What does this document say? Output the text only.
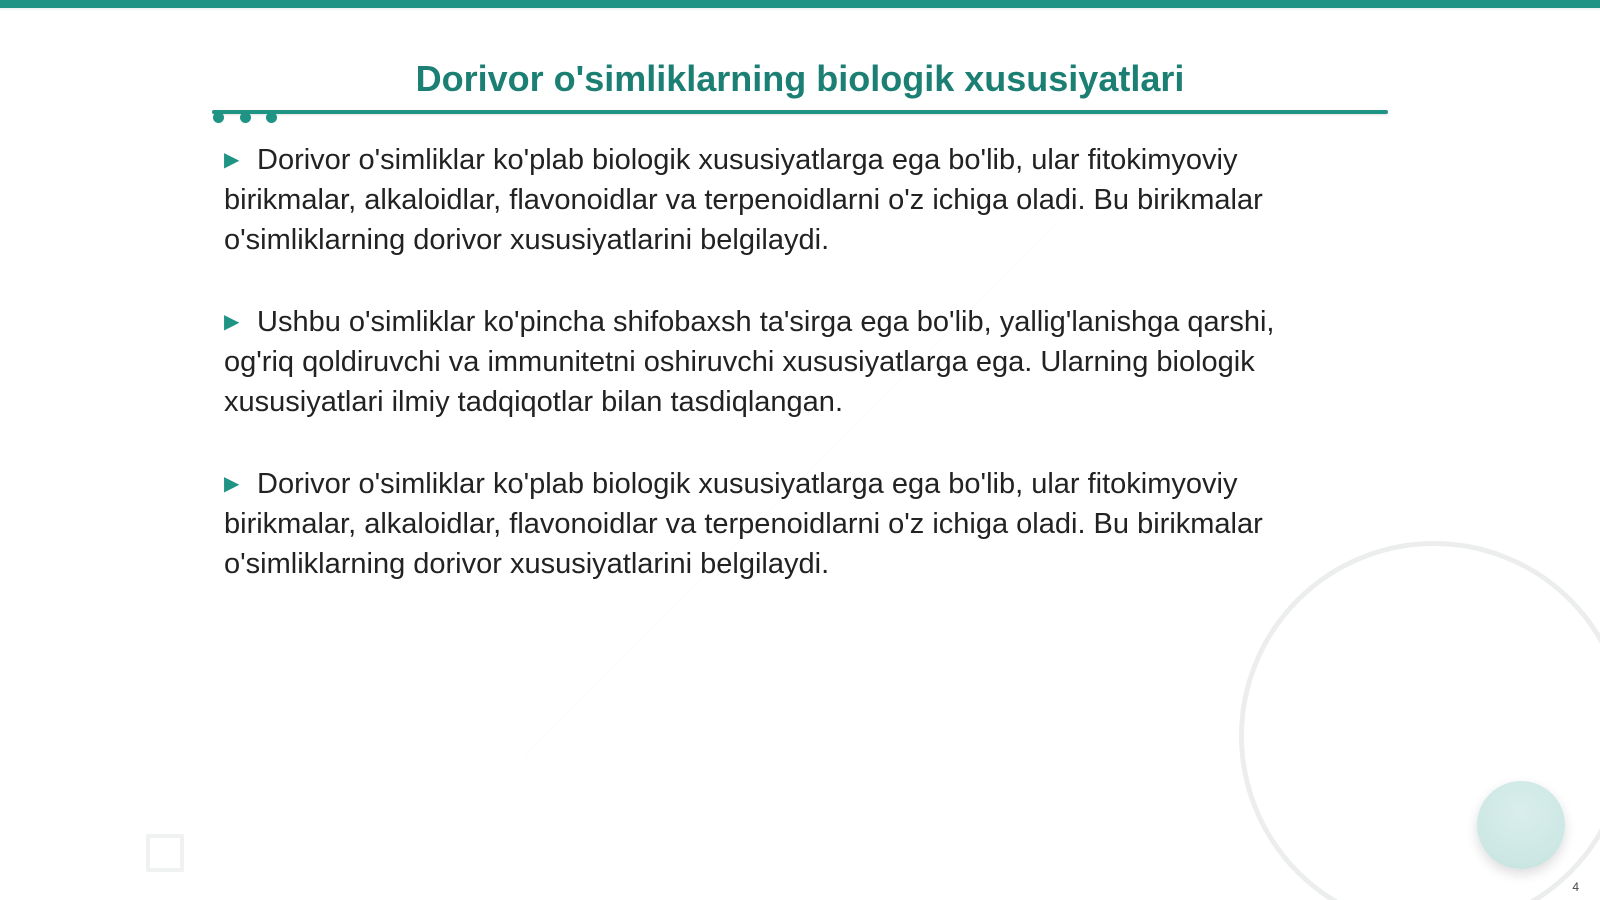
Dorivor o'simliklarning biologik xususiyatlari

▶ Dorivor o'simliklar ko'plab biologik xususiyatlarga ega bo'lib, ular fitokimyoviy birikmalar, alkaloidlar, flavonoidlar va terpenoidlarni o'z ichiga oladi. Bu birikmalar o'simliklarning dorivor xususiyatlarini belgilaydi.

▶ Ushbu o'simliklar ko'pincha shifobaxsh ta'sirga ega bo'lib, yallig'lanishga qarshi, og'riq qoldiruvchi va immunitetni oshiruvchi xususiyatlarga ega. Ularning biologik xususiyatlari ilmiy tadqiqotlar bilan tasdiqlangan.

▶ Dorivor o'simliklar ko'plab biologik xususiyatlarga ega bo'lib, ular fitokimyoviy birikmalar, alkaloidlar, flavonoidlar va terpenoidlarni o'z ichiga oladi. Bu birikmalar o'simliklarning dorivor xususiyatlarini belgilaydi.

4
